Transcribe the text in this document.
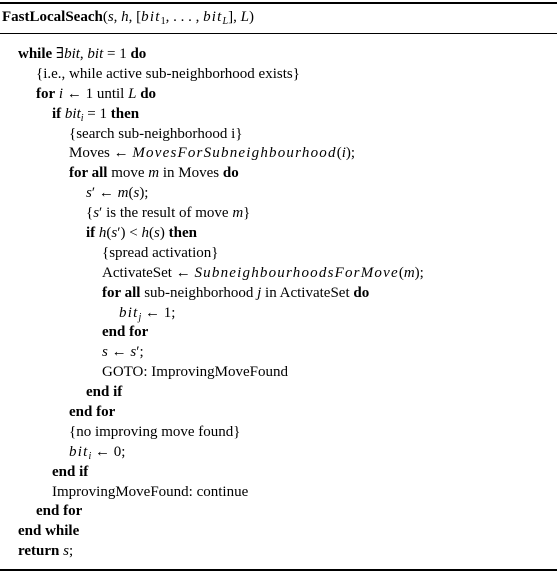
FastLocalSeach(s, h, [bit$_1$, . . . , bit$_L$], L)
while ∃bit, bit = 1 do
{i.e., while active sub-neighborhood exists}
for i ← 1 until L do
if bit$_i$ = 1 then
{search sub-neighborhood i}
Moves ← MovesForSubneighbourhood(i);
for all move m in Moves do
s′ ← m(s);
{s′ is the result of move m}
if h(s′) < h(s) then
{spread activation}
ActivateSet ← SubneighbourhoodsForMove(m);
for all sub-neighborhood j in ActivateSet do
bit$_j$ ← 1;
end for
s ← s′;
GOTO: ImprovingMoveFound
end if
end for
{no improving move found}
bit$_i$ ← 0;
end if
ImprovingMoveFound: continue
end for
end while
return s;
